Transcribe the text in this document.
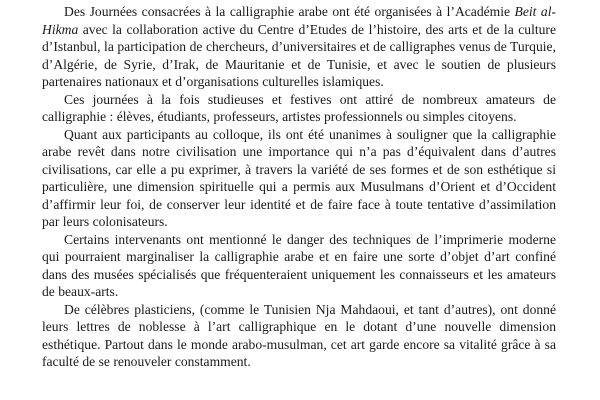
Des Journées consacrées à la calligraphie arabe ont été organisées à l’Académie Beit al-Hikma avec la collaboration active du Centre d’Etudes de l’histoire, des arts et de la culture d’Istanbul, la participation de chercheurs, d’universitaires et de calligraphes venus de Turquie, d’Algérie, de Syrie, d’Irak, de Mauritanie et de Tunisie, et avec le soutien de plusieurs partenaires nationaux et d’organisations culturelles islamiques.

Ces journées à la fois studieuses et festives ont attiré de nombreux amateurs de calligraphie : élèves, étudiants, professeurs, artistes professionnels ou simples citoyens.

Quant aux participants au colloque, ils ont été unanimes à souligner que la calligraphie arabe revêt dans notre civilisation une importance qui n’a pas d’équivalent dans d’autres civilisations, car elle a pu exprimer, à travers la variété de ses formes et de son esthétique si particulière, une dimension spirituelle qui a permis aux Musulmans d’Orient et d’Occident d’affirmir leur foi, de conserver leur identité et de faire face à toute tentative d’assimilation par leurs colonisateurs.

Certains intervenants ont mentionné le danger des techniques de l’imprimerie moderne qui pourraient marginaliser la calligraphie arabe et en faire une sorte d’objet d’art confiné dans des musées spécialisés que fréquenteraient uniquement les connaisseurs et les amateurs de beaux-arts.

De célèbres plasticiens, (comme le Tunisien Nja Mahdaoui, et tant d’autres), ont donné leurs lettres de noblesse à l’art calligraphique en le dotant d’une nouvelle dimension esthétique. Partout dans le monde arabo-musulman, cet art garde encore sa vitalité grâce à sa faculté de se renouveler constamment.
